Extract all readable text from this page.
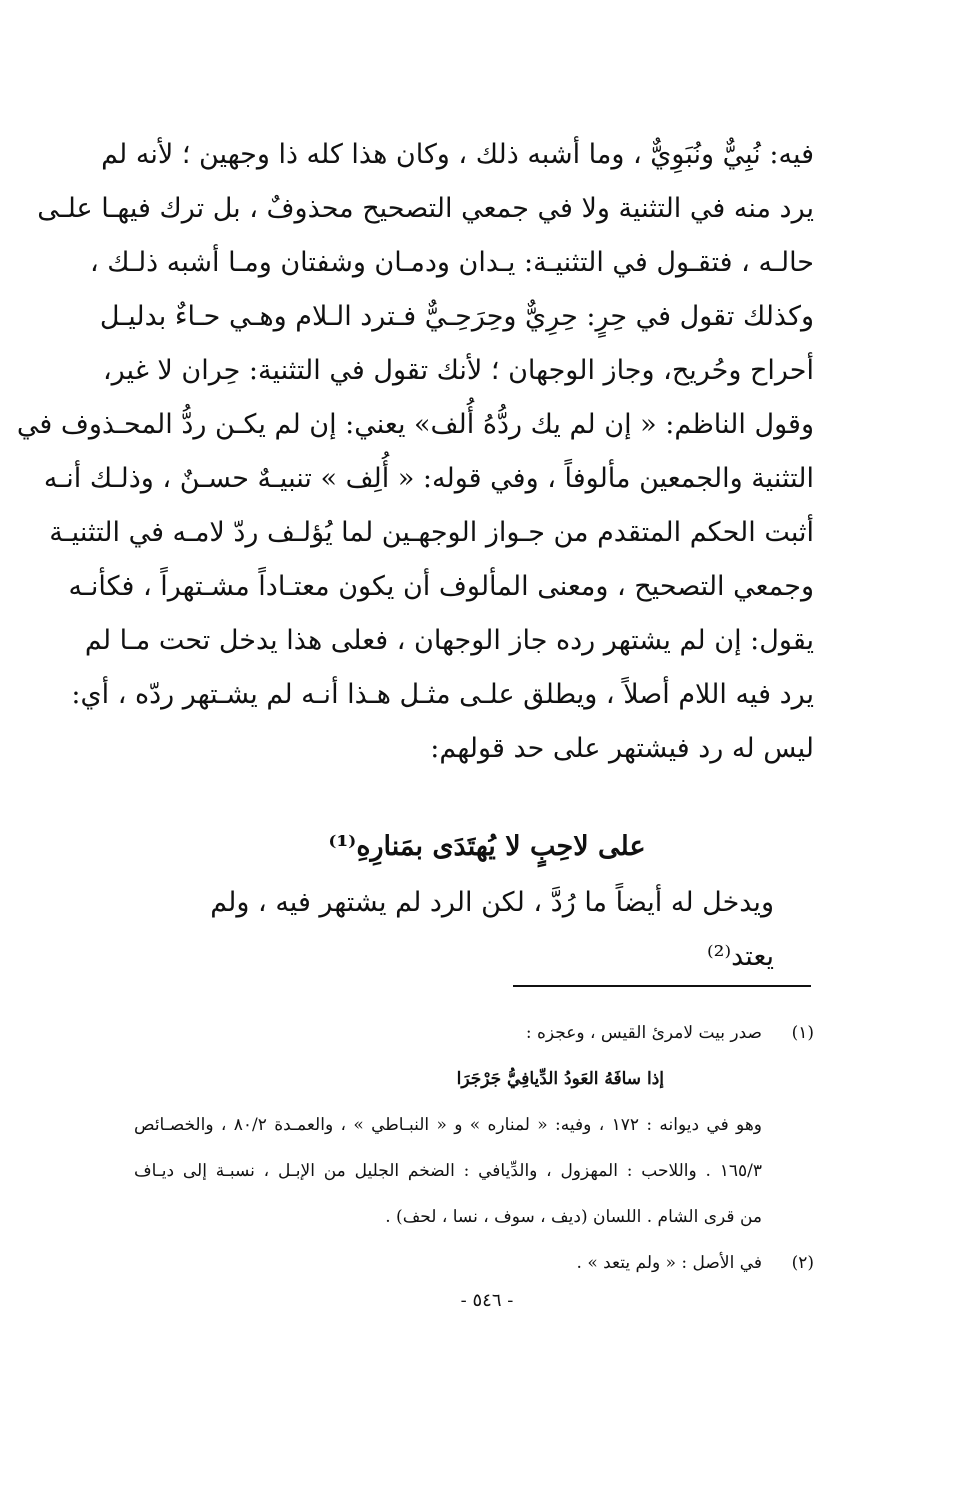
فيه: نُبِيٌّ ونُبَوِيٌّ ، وما أشبه ذلك ، وكان هذا كله ذا وجهين ؛ لأنه لم
يرد منه في التثنية ولا في جمعي التصحيح محذوفٌ ، بل ترك فيهـا علـى
حالـه ، فتقـول في التثنيـة: يـدان ودمـان وشفتان ومـا أشبه ذلـك ،
وكذلك تقول في حِرٍ: حِرِيٌّ وحِرَحِـيٌّ فـترد الـلام وهـي حـاءٌ بدليـل
أحراح وحُريح، وجاز الوجهان ؛ لأنك تقول في التثنية: حِران لا غير،
وقول الناظم: « إن لم يك ردُّهُ أُلف» يعني: إن لم يكـن ردُّ المحـذوف في
التثنية والجمعين مألوفاً ، وفي قوله: « أُلِف » تنبيـهٌ حسـنٌ ، وذلـك أنـه
أثبت الحكم المتقدم من جـواز الوجهـين لما يُؤلـف ردّ لامـه في التثنيـة
وجمعي التصحيح ، ومعنى المألوف أن يكون معتـاداً مشـتهراً ، فكأنـه
يقول: إن لم يشتهر رده جاز الوجهان ، فعلى هذا يدخل تحت مـا لم
يرد فيه اللام أصلاً ، ويطلق علـى مثـل هـذا أنـه لم يشـتهر ردّه ، أي:
ليس له رد فيشتهر على حد قولهم:
على لاحِبٍ لا يُهتَدَى بمَنارِهِ⁽¹⁾
ويدخل له أيضاً ما رُدَّ ، لكن الرد لم يشتهر فيه ، ولم يعتد⁽²⁾
(١)
صدر بيت لامرئ القيس ، وعجزه :
إذا سافَهُ العَودُ الدِّيافِيُّ جَرْجَرَا
وهو في ديوانه : ١٧٢ ، وفيه: « لمناره » و « النبـاطي » ، والعمـدة ٨٠/٢ ، والخصـائص
١٦٥/٣ . واللاحب : المهزول ، والدِّيافي : الضخم الجليل من الإبـل ، نسبـة إلى ديـاف
من قرى الشام . اللسان (ديف ، سوف ، نسا ، لحف) .
(٢)
في الأصل : « ولم يتعد » .
- ٥٤٦ -
